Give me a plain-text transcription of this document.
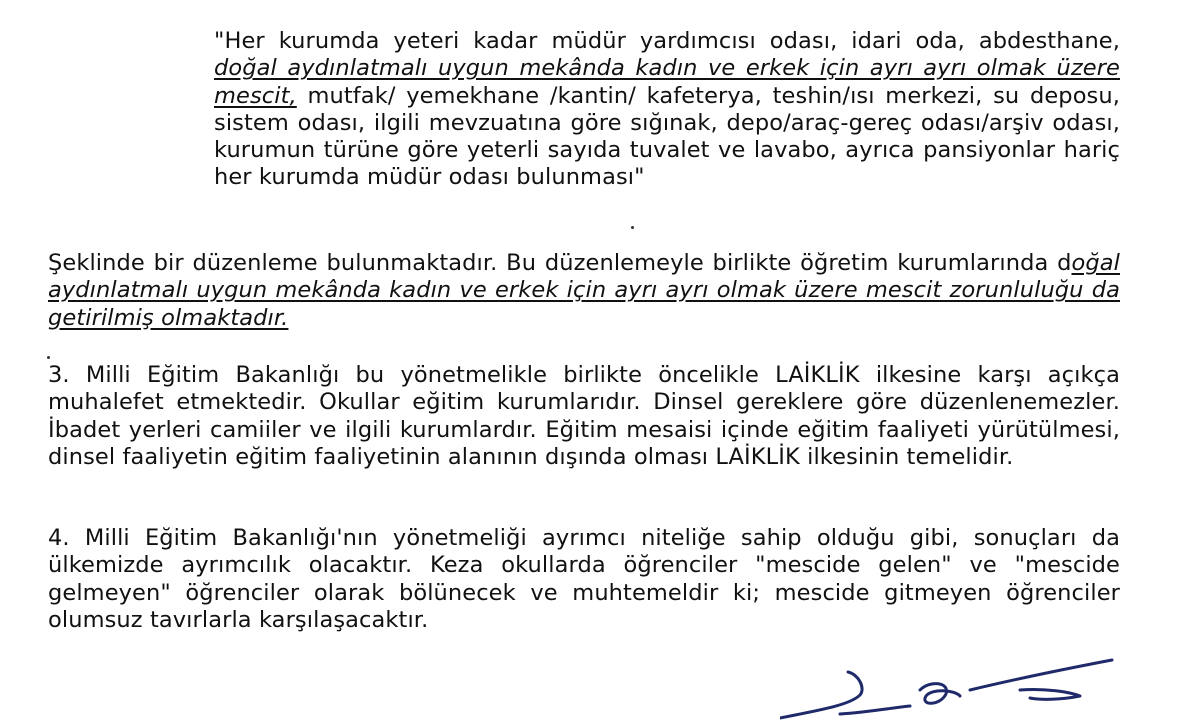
"Her kurumda yeteri kadar müdür yardımcısı odası, idari oda, abdesthane, doğal aydınlatmalı uygun mekânda kadın ve erkek için ayrı ayrı olmak üzere mescit, mutfak/ yemekhane /kantin/ kafeterya, teshin/ısı merkezi, su deposu, sistem odası, ilgili mevzuatına göre sığınak, depo/araç-gereç odası/arşiv odası, kurumun türüne göre yeterli sayıda tuvalet ve lavabo, ayrıca pansiyonlar hariç her kurumda müdür odası bulunması"
Şeklinde bir düzenleme bulunmaktadır. Bu düzenlemeyle birlikte öğretim kurumlarında doğal aydınlatmalı uygun mekânda kadın ve erkek için ayrı ayrı olmak üzere mescit zorunluluğu da getirilmiş olmaktadır.
3. Milli Eğitim Bakanlığı bu yönetmelikle birlikte öncelikle LAİKLİK ilkesine karşı açıkça muhalefet etmektedir. Okullar eğitim kurumlarıdır. Dinsel gereklere göre düzenlenemezler. İbadet yerleri camiiler ve ilgili kurumlardır. Eğitim mesaisi içinde eğitim faaliyeti yürütülmesi, dinsel faaliyetin eğitim faaliyetinin alanının dışında olması LAİKLİK ilkesinin temelidir.
4. Milli Eğitim Bakanlığı'nın yönetmeliği ayrımcı niteliğe sahip olduğu gibi, sonuçları da ülkemizde ayrımcılık olacaktır. Keza okullarda öğrenciler "mescide gelen" ve "mescide gelmeyen" öğrenciler olarak bölünecek ve muhtemeldir ki; mescide gitmeyen öğrenciler olumsuz tavırlarla karşılaşacaktır.
